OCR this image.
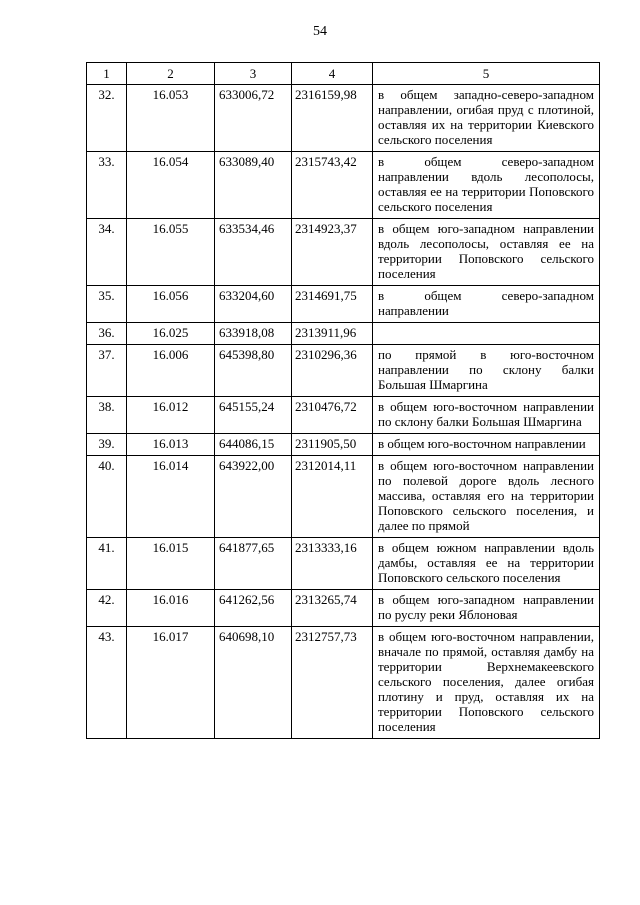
54
1	2	3	4	5
32.	16.053	633006,72	2316159,98	в общем западно-северо-западном направлении, огибая пруд с плотиной, оставляя их на территории Киевского сельского поселения
33.	16.054	633089,40	2315743,42	в общем северо-западном направлении вдоль лесополосы, оставляя ее на территории Поповского сельского поселения
34.	16.055	633534,46	2314923,37	в общем юго-западном направлении вдоль лесополосы, оставляя ее на территории Поповского сельского поселения
35.	16.056	633204,60	2314691,75	в общем северо-западном направлении
36.	16.025	633918,08	2313911,96	
37.	16.006	645398,80	2310296,36	по прямой в юго-восточном направлении по склону балки Большая Шмаргина
38.	16.012	645155,24	2310476,72	в общем юго-восточном направлении по склону балки Большая Шмаргина
39.	16.013	644086,15	2311905,50	в общем юго-восточном направлении
40.	16.014	643922,00	2312014,11	в общем юго-восточном направлении по полевой дороге вдоль лесного массива, оставляя его на территории Поповского сельского поселения, и далее по прямой
41.	16.015	641877,65	2313333,16	в общем южном направлении вдоль дамбы, оставляя ее на территории Поповского сельского поселения
42.	16.016	641262,56	2313265,74	в общем юго-западном направлении по руслу реки Яблоновая
43.	16.017	640698,10	2312757,73	в общем юго-восточном направлении, вначале по прямой, оставляя дамбу на территории Верхнемакеевского сельского поселения, далее огибая плотину и пруд, оставляя их на территории Поповского сельского поселения
